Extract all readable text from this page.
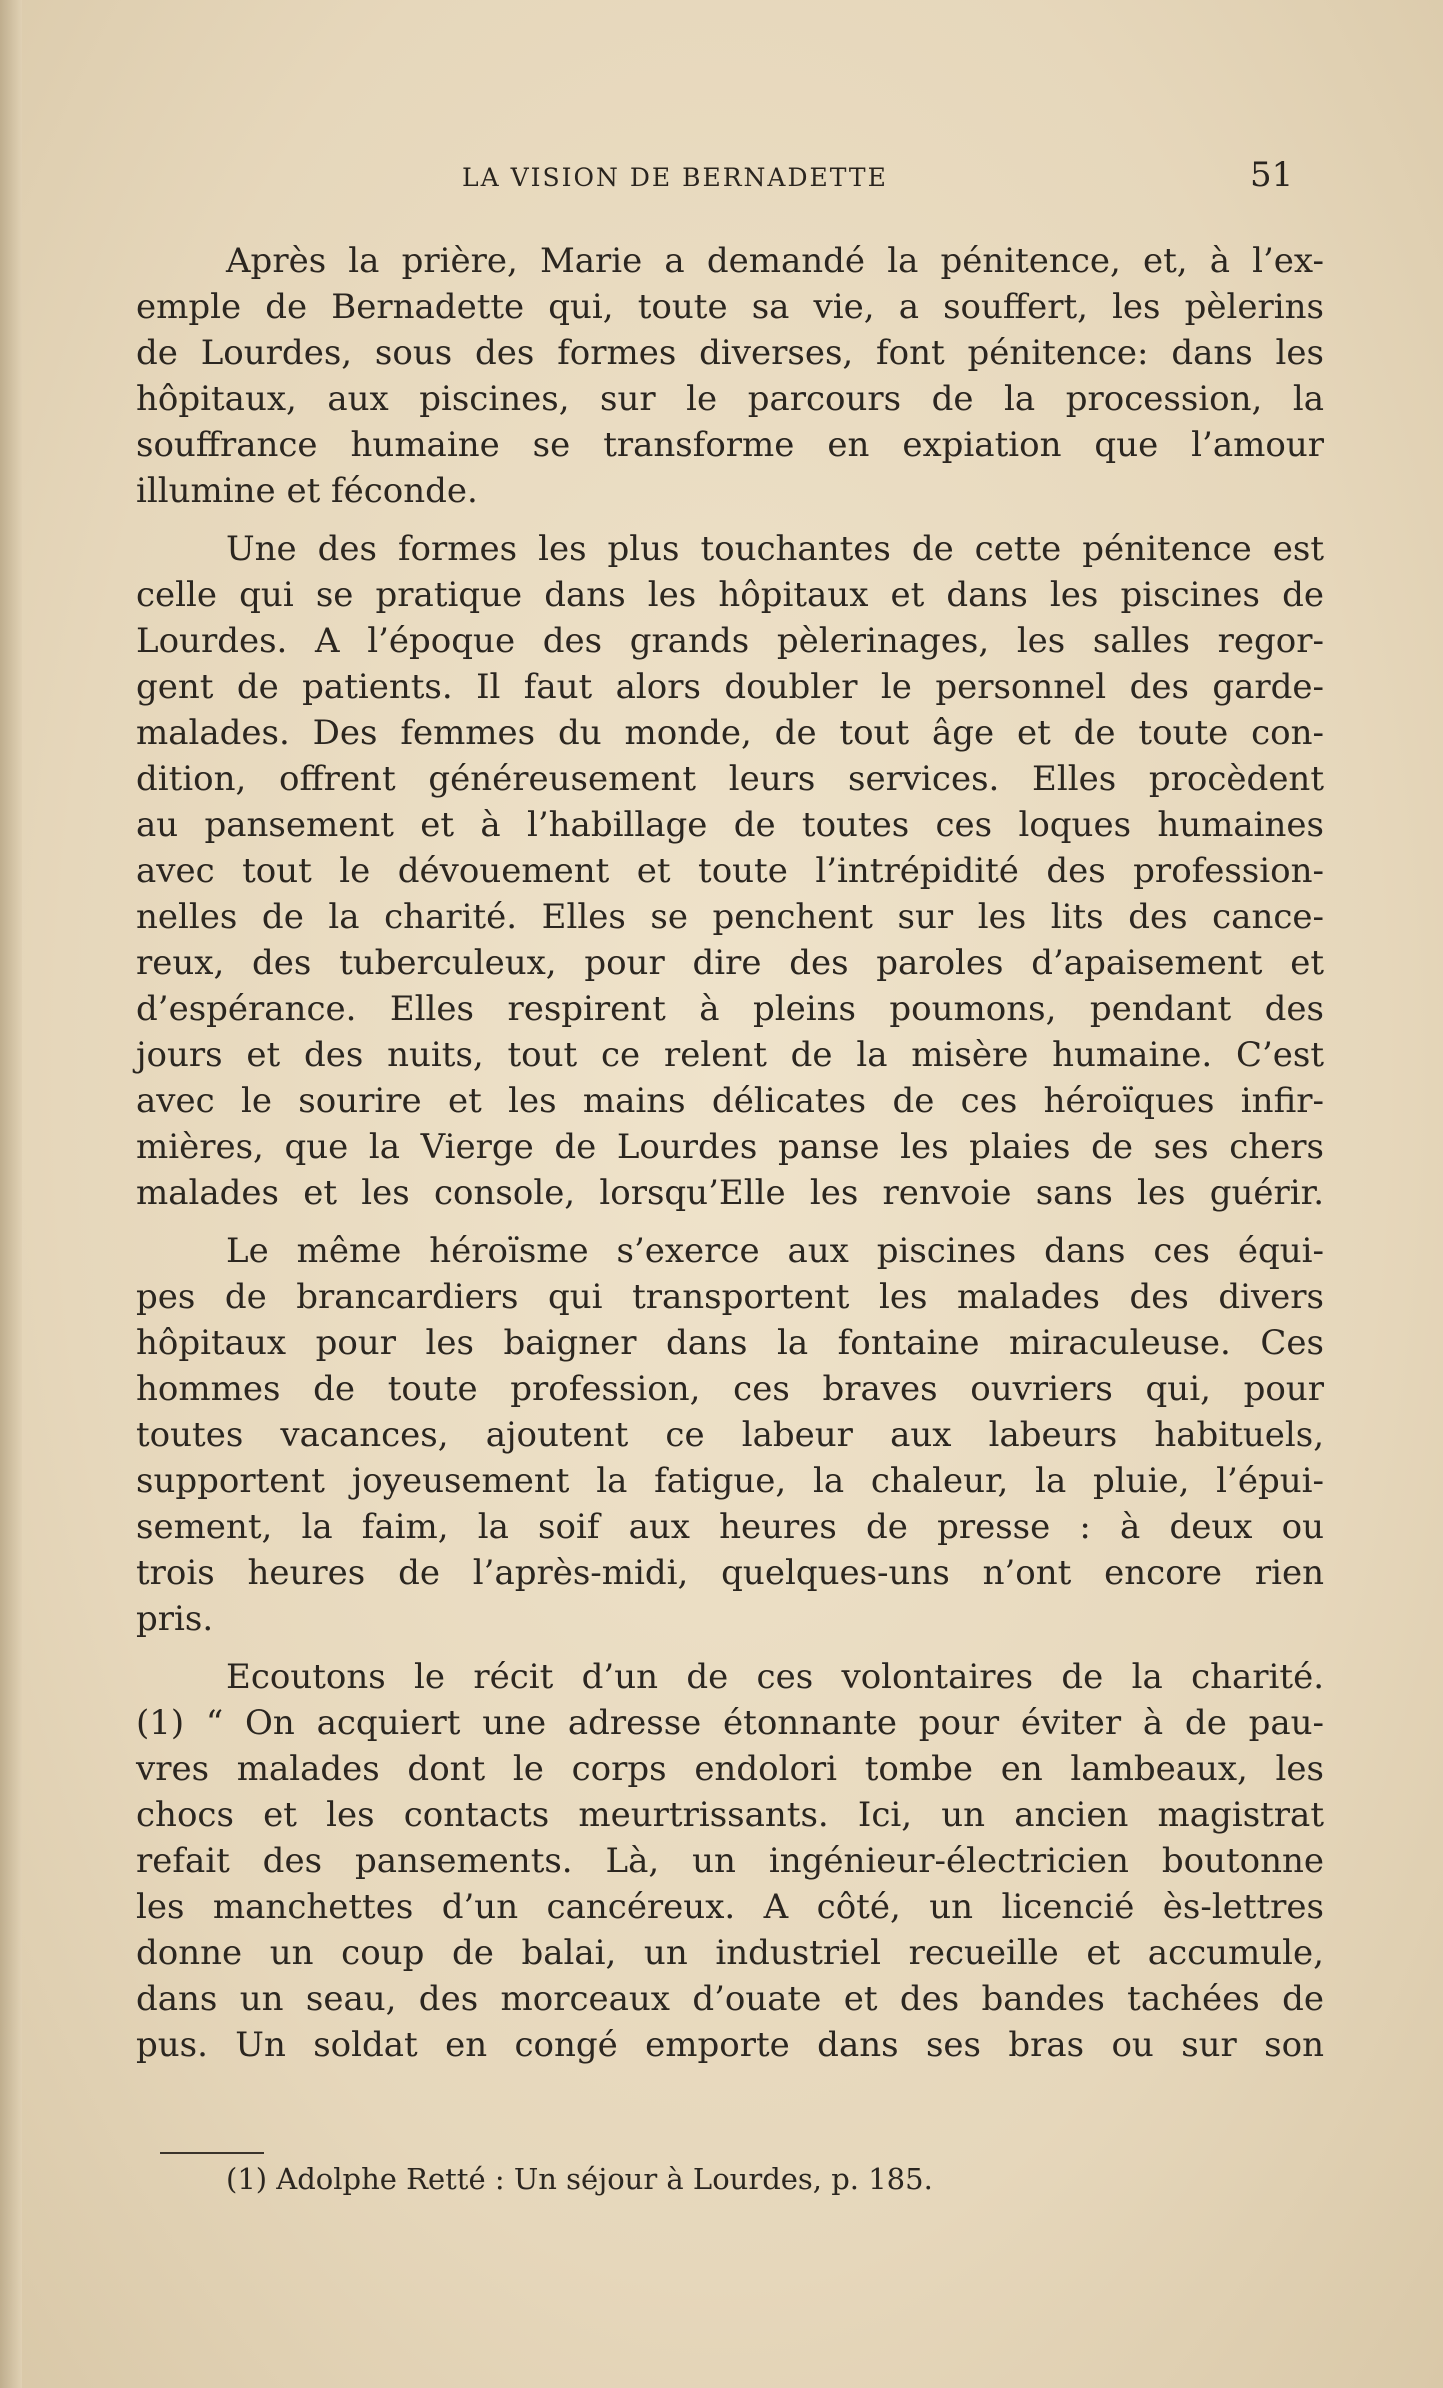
LA VISION DE BERNADETTE	51
Après la prière, Marie a demandé la pénitence, et, à l’ex-
emple de Bernadette qui, toute sa vie, a souffert, les pèlerins
de Lourdes, sous des formes diverses, font pénitence: dans les
hôpitaux, aux piscines, sur le parcours de la procession, la
souffrance humaine se transforme en expiation que l’amour
illumine et féconde.
Une des formes les plus touchantes de cette pénitence est
celle qui se pratique dans les hôpitaux et dans les piscines de
Lourdes. A l’époque des grands pèlerinages, les salles regor-
gent de patients. Il faut alors doubler le personnel des garde-
malades. Des femmes du monde, de tout âge et de toute con-
dition, offrent généreusement leurs services. Elles procèdent
au pansement et à l’habillage de toutes ces loques humaines
avec tout le dévouement et toute l’intrépidité des profession-
nelles de la charité. Elles se penchent sur les lits des cance-
reux, des tuberculeux, pour dire des paroles d’apaisement et
d’espérance. Elles respirent à pleins poumons, pendant des
jours et des nuits, tout ce relent de la misère humaine. C’est
avec le sourire et les mains délicates de ces héroïques infir-
mières, que la Vierge de Lourdes panse les plaies de ses chers
malades et les console, lorsqu’Elle les renvoie sans les guérir.
Le même héroïsme s’exerce aux piscines dans ces équi-
pes de brancardiers qui transportent les malades des divers
hôpitaux pour les baigner dans la fontaine miraculeuse. Ces
hommes de toute profession, ces braves ouvriers qui, pour
toutes vacances, ajoutent ce labeur aux labeurs habituels,
supportent joyeusement la fatigue, la chaleur, la pluie, l’épui-
sement, la faim, la soif aux heures de presse : à deux ou
trois heures de l’après-midi, quelques-uns n’ont encore rien
pris.
Ecoutons le récit d’un de ces volontaires de la charité.
(1) “ On acquiert une adresse étonnante pour éviter à de pau-
vres malades dont le corps endolori tombe en lambeaux, les
chocs et les contacts meurtrissants. Ici, un ancien magistrat
refait des pansements. Là, un ingénieur-électricien boutonne
les manchettes d’un cancéreux. A côté, un licencié ès-lettres
donne un coup de balai, un industriel recueille et accumule,
dans un seau, des morceaux d’ouate et des bandes tachées de
pus. Un soldat en congé emporte dans ses bras ou sur son
(1) Adolphe Retté : Un séjour à Lourdes, p. 185.
